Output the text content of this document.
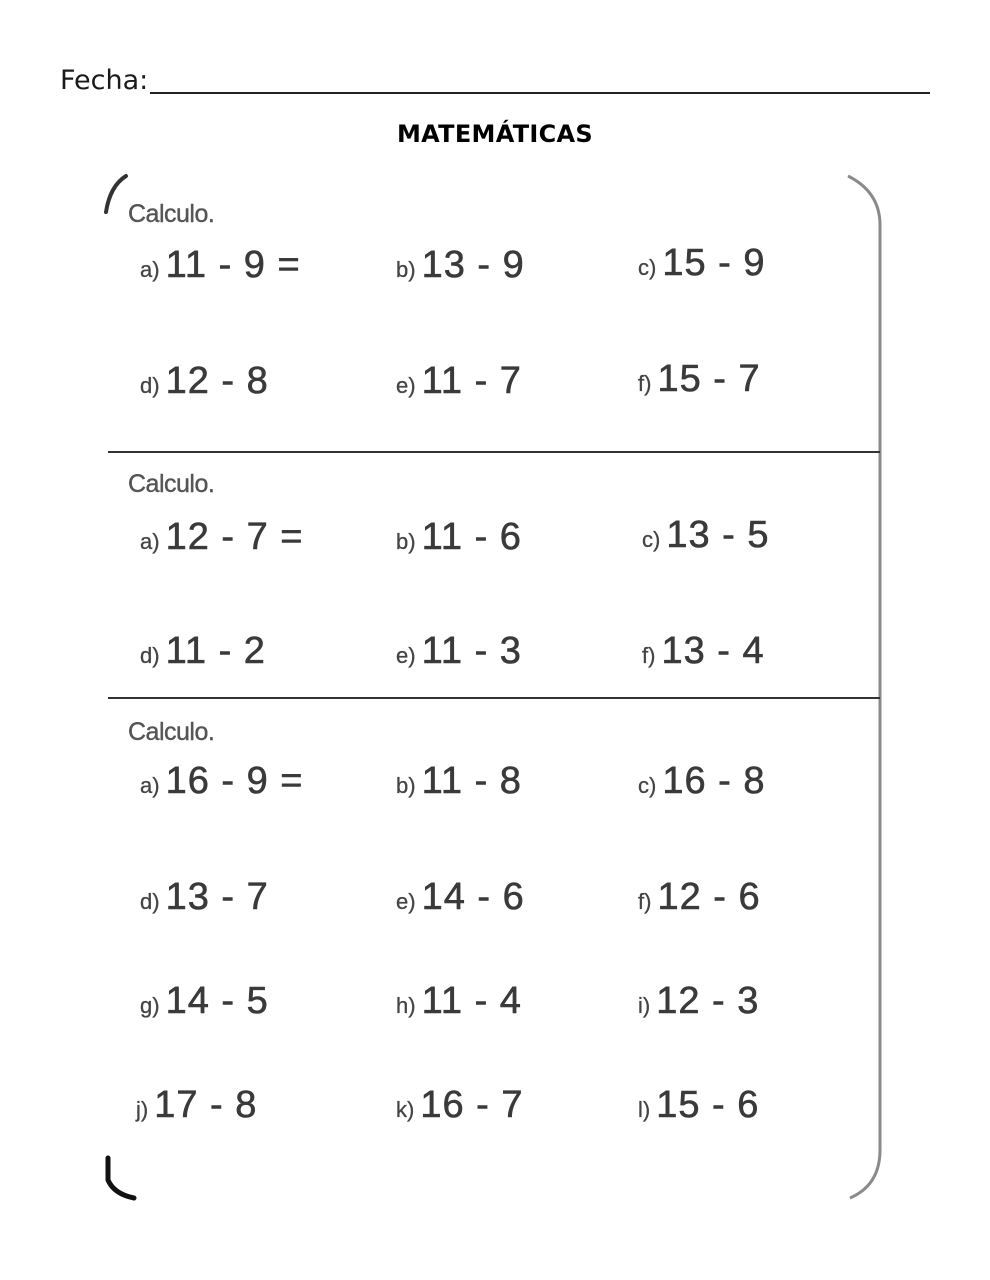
Fecha:
MATEMÁTICAS
Calculo.
a) 11 - 9 =	b) 13 - 9	c) 15 - 9
d) 12 - 8	e) 11 - 7	f) 15 - 7
Calculo.
a) 12 - 7 =	b) 11 - 6	c) 13 - 5
d) 11 - 2	e) 11 - 3	f) 13 - 4
Calculo.
a) 16 - 9 =	b) 11 - 8	c) 16 - 8
d) 13 - 7	e) 14 - 6	f) 12 - 6
g) 14 - 5	h) 11 - 4	i) 12 - 3
j) 17 - 8	k) 16 - 7	l) 15 - 6
